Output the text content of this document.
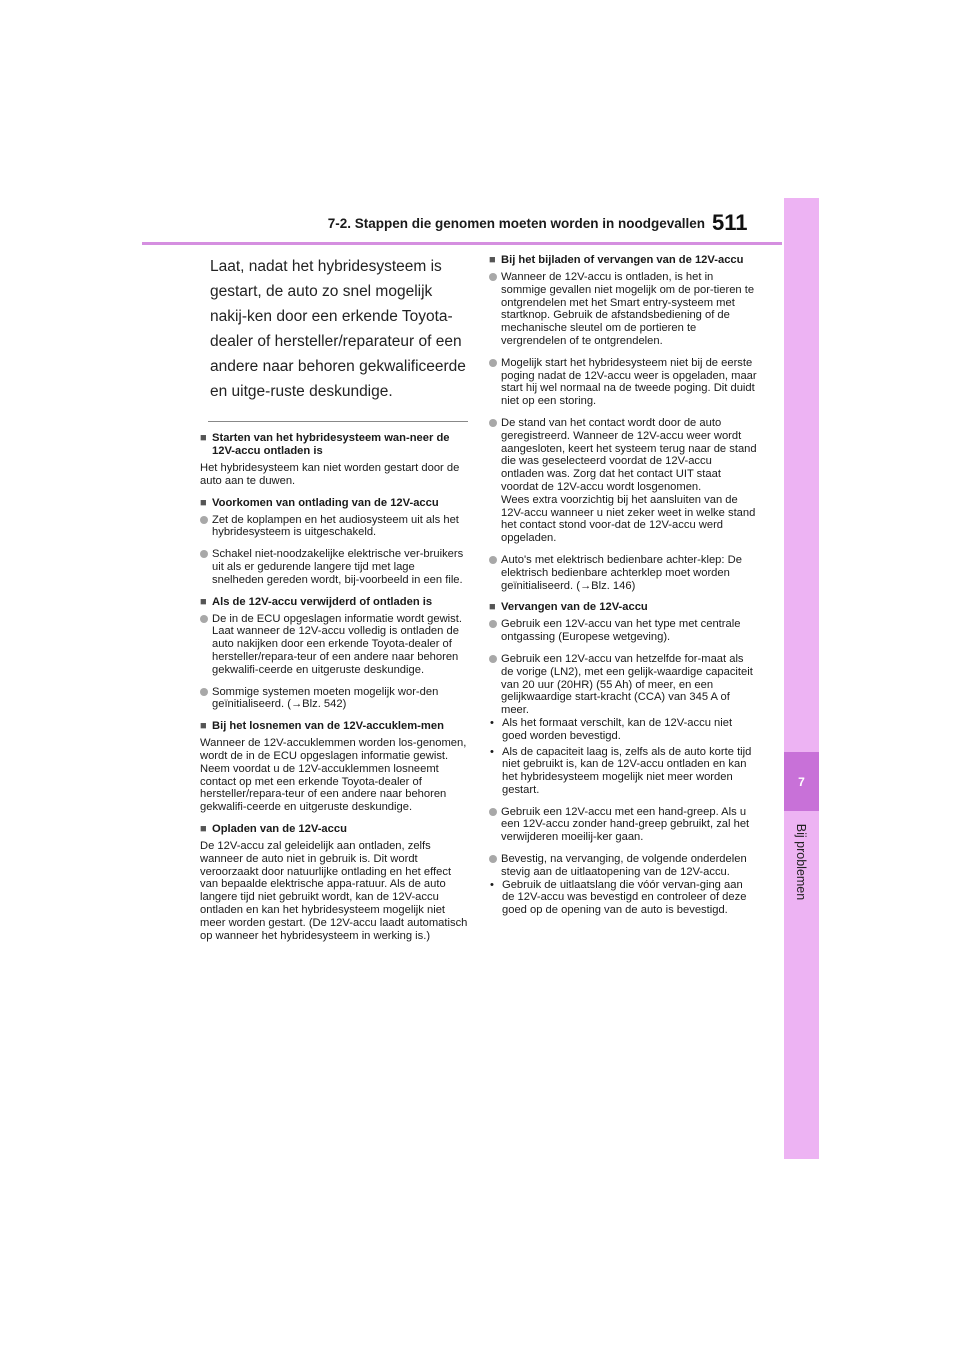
7-2. Stappen die genomen moeten worden in noodgevallen 511
7
Bij problemen

Laat, nadat het hybridesysteem is gestart, de auto zo snel mogelijk nakij-ken door een erkende Toyota-dealer of hersteller/reparateur of een andere naar behoren gekwalificeerde en uitge-ruste deskundige.

■ Starten van het hybridesysteem wan-neer de 12V-accu ontladen is

Het hybridesysteem kan niet worden gestart door de auto aan te duwen.

■ Voorkomen van ontlading van de 12V-accu
Zet de koplampen en het audiosysteem uit als het hybridesysteem is uitgeschakeld.
Schakel niet-noodzakelijke elektrische ver-bruikers uit als er gedurende langere tijd met lage snelheden gereden wordt, bij-voorbeeld in een file.
■ Als de 12V-accu verwijderd of ontladen is
De in de ECU opgeslagen informatie wordt gewist. Laat wanneer de 12V-accu volledig is ontladen de auto nakijken door een erkende Toyota-dealer of hersteller/repara-teur of een andere naar behoren gekwalifi-ceerde en uitgeruste deskundige.
Sommige systemen moeten mogelijk wor-den geïnitialiseerd. (→Blz. 542)
■ Bij het losnemen van de 12V-accuklem-men

Wanneer de 12V-accuklemmen worden los-genomen, wordt de in de ECU opgeslagen informatie gewist. Neem voordat u de 12V-accuklemmen losneemt contact op met een erkende Toyota-dealer of hersteller/repara-teur of een andere naar behoren gekwalifi-ceerde en uitgeruste deskundige.

■ Opladen van de 12V-accu

De 12V-accu zal geleidelijk aan ontladen, zelfs wanneer de auto niet in gebruik is. Dit wordt veroorzaakt door natuurlijke ontlading en het effect van bepaalde elektrische appa-ratuur. Als de auto langere tijd niet gebruikt wordt, kan de 12V-accu ontladen en kan het hybridesysteem mogelijk niet meer worden gestart. (De 12V-accu laadt automatisch op wanneer het hybridesysteem in werking is.)

■ Bij het bijladen of vervangen van de 12V-accu
Wanneer de 12V-accu is ontladen, is het in sommige gevallen niet mogelijk om de por-tieren te ontgrendelen met het Smart entry-systeem met startknop. Gebruik de afstandsbediening of de mechanische sleutel om de portieren te vergrendelen of te ontgrendelen.
Mogelijk start het hybridesysteem niet bij de eerste poging nadat de 12V-accu weer is opgeladen, maar start hij wel normaal na de tweede poging. Dit duidt niet op een storing.
De stand van het contact wordt door de auto geregistreerd. Wanneer de 12V-accu weer wordt aangesloten, keert het systeem terug naar de stand die was geselecteerd voordat de 12V-accu ontladen was. Zorg dat het contact UIT staat voordat de 12V-accu wordt losgenomen.
Wees extra voorzichtig bij het aansluiten van de 12V-accu wanneer u niet zeker weet in welke stand het contact stond voor-dat de 12V-accu werd opgeladen.
Auto's met elektrisch bedienbare achter-klep: De elektrisch bedienbare achterklep moet worden geïnitialiseerd. (→Blz. 146)
■ Vervangen van de 12V-accu
Gebruik een 12V-accu van het type met centrale ontgassing (Europese wetgeving).
Gebruik een 12V-accu van hetzelfde for-maat als de vorige (LN2), met een gelijk-waardige capaciteit van 20 uur (20HR) (55 Ah) of meer, en een gelijkwaardige start-kracht (CCA) van 345 A of meer.
• Als het formaat verschilt, kan de 12V-accu niet goed worden bevestigd.
• Als de capaciteit laag is, zelfs als de auto korte tijd niet gebruikt is, kan de 12V-accu ontladen en kan het hybridesysteem mogelijk niet meer worden gestart.
Gebruik een 12V-accu met een hand-greep. Als u een 12V-accu zonder hand-greep gebruikt, zal het verwijderen moeilij-ker gaan.
Bevestig, na vervanging, de volgende onderdelen stevig aan de uitlaatopening van de 12V-accu.
• Gebruik de uitlaatslang die vóór vervan-ging aan de 12V-accu was bevestigd en controleer of deze goed op de opening van de auto is bevestigd.
